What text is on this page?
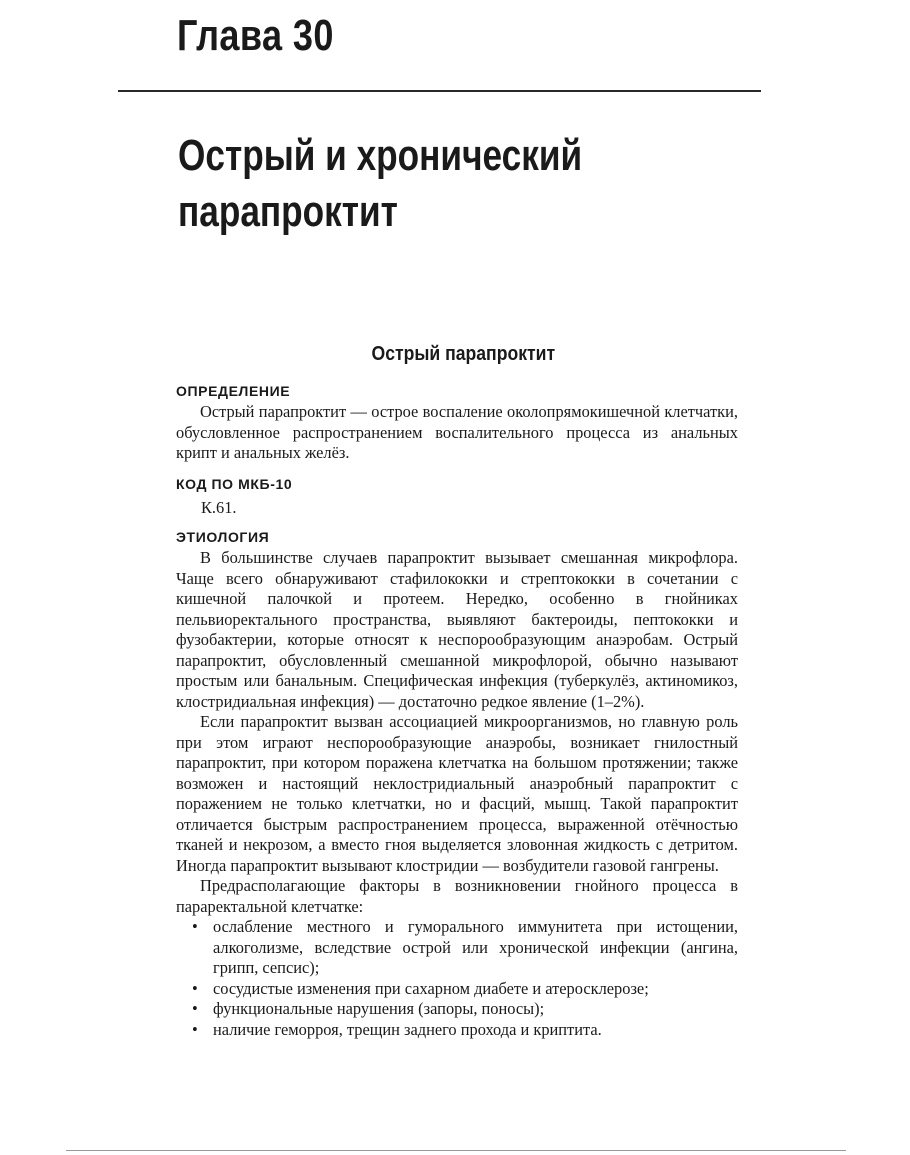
Глава 30
Острый и хронический
парапроктит
Острый парапроктит
ОПРЕДЕЛЕНИЕ

Острый парапроктит — острое воспаление околопрямокишечной клетчатки, обусловленное распространением воспалительного процесса из анальных крипт и анальных желёз.

КОД ПО МКБ-10

К.61.

ЭТИОЛОГИЯ

В большинстве случаев парапроктит вызывает смешанная микрофлора. Чаще всего обнаруживают стафилококки и стрептококки в сочетании с кишечной палочкой и протеем. Нередко, особенно в гнойниках пельвиоректального пространства, выявляют бактероиды, пептококки и фузобактерии, которые относят к неспорообразующим анаэробам. Острый парапроктит, обусловленный смешанной микрофлорой, обычно называют простым или банальным. Специфическая инфекция (туберкулёз, актиномикоз, клостридиальная инфекция) — достаточно редкое явление (1–2%).

Если парапроктит вызван ассоциацией микроорганизмов, но главную роль при этом играют неспорообразующие анаэробы, возникает гнилостный парапроктит, при котором поражена клетчатка на большом протяжении; также возможен и настоящий неклостридиальный анаэробный парапроктит с поражением не только клетчатки, но и фасций, мышц. Такой парапроктит отличается быстрым распространением процесса, выраженной отёчностью тканей и некрозом, а вместо гноя выделяется зловонная жидкость с детритом. Иногда парапроктит вызывают клостридии — возбудители газовой гангрены.

Предрасполагающие факторы в возникновении гнойного процесса в параректальной клетчатке:

• ослабление местного и гуморального иммунитета при истощении, алкоголизме, вследствие острой или хронической инфекции (ангина, грипп, сепсис);
• сосудистые изменения при сахарном диабете и атеросклерозе;
• функциональные нарушения (запоры, поносы);
• наличие геморроя, трещин заднего прохода и криптита.
